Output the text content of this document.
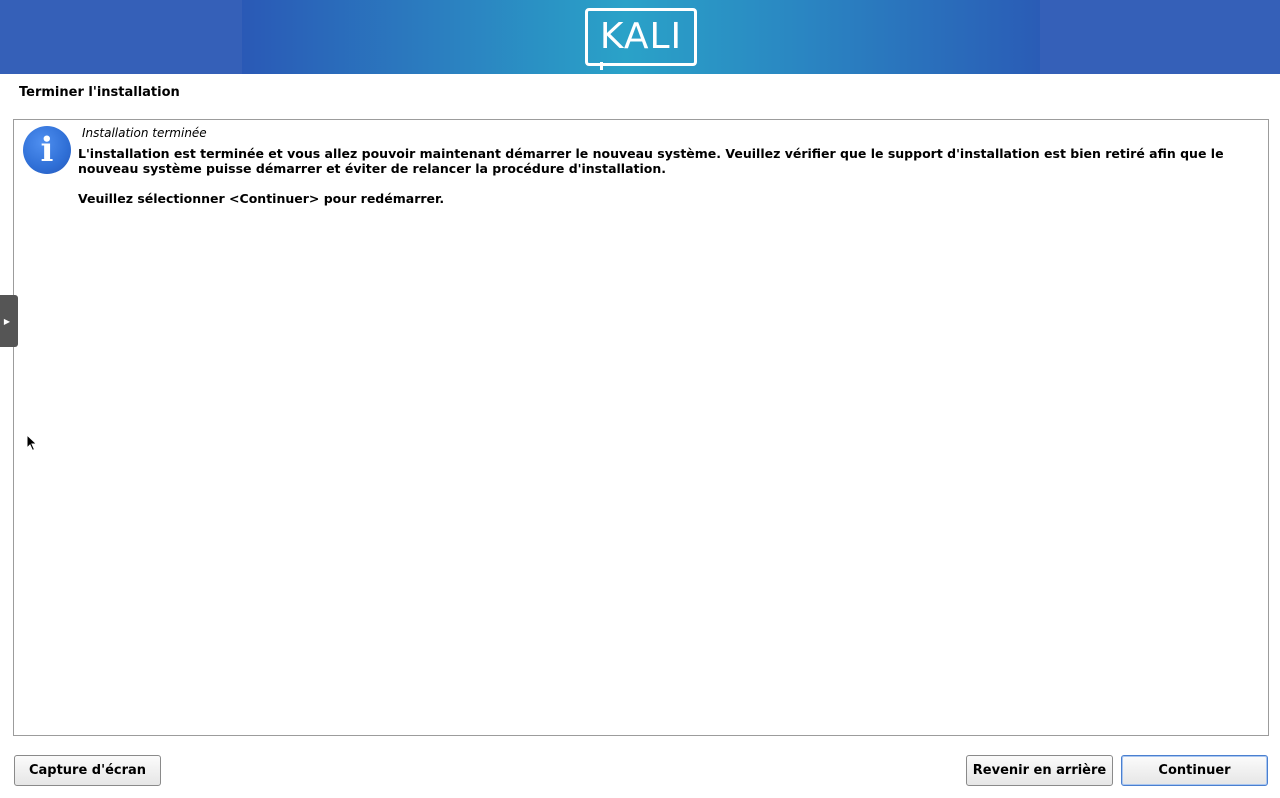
KALI
Terminer l'installation
i	Installation terminée
L'installation est terminée et vous allez pouvoir maintenant démarrer le nouveau système. Veuillez vérifier que le support d'installation est bien retiré afin que le nouveau système puisse démarrer et éviter de relancer la procédure d'installation.
Veuillez sélectionner <Continuer> pour redémarrer.
▶
Capture d'écran	Revenir en arrière	Continuer
